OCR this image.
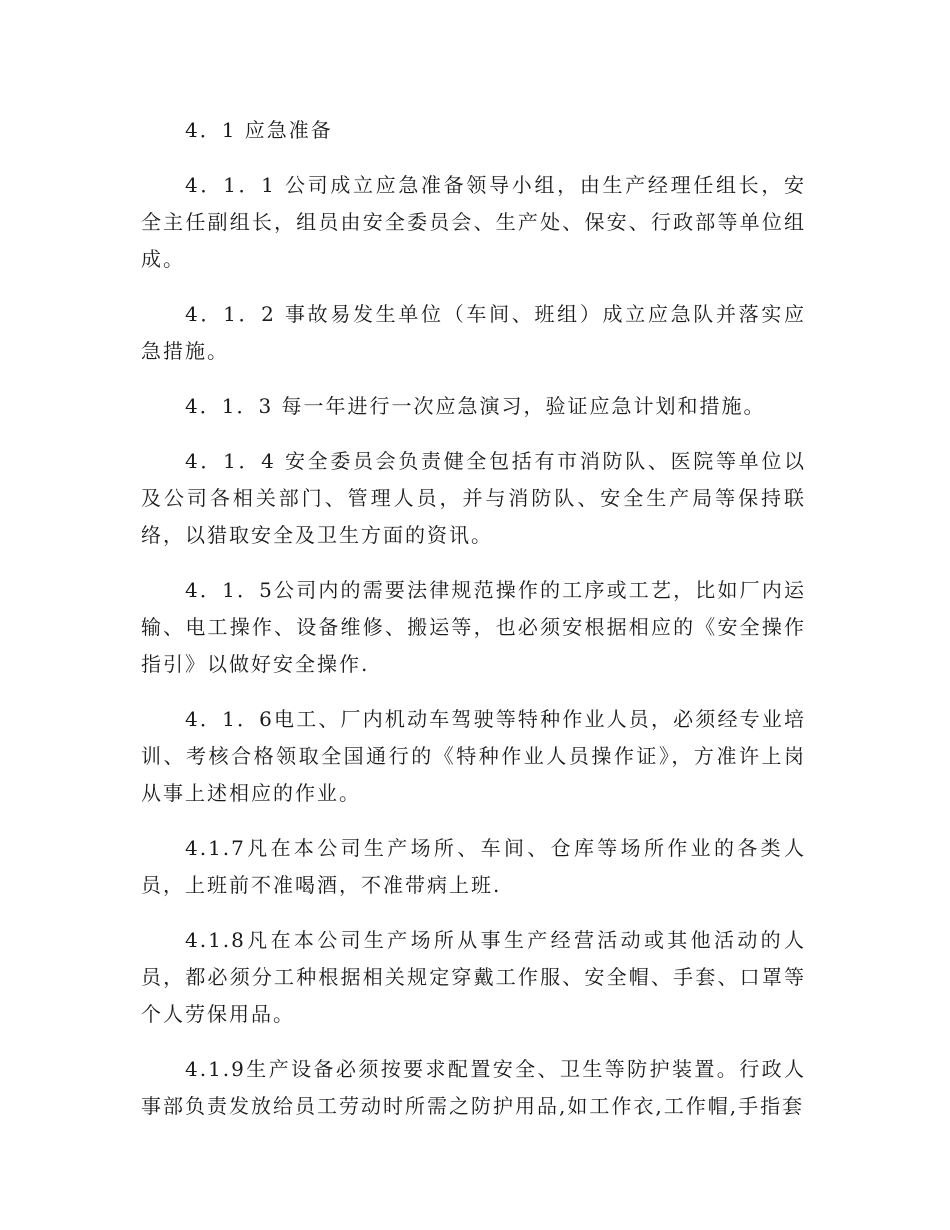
4．1 应急准备

4．1．1 公司成立应急准备领导小组，由生产经理任组长，安全主任副组长，组员由安全委员会、生产处、保安、行政部等单位组成。

4．1．2 事故易发生单位（车间、班组）成立应急队并落实应急措施。

4．1．3 每一年进行一次应急演习，验证应急计划和措施。

4．1．4 安全委员会负责健全包括有市消防队、医院等单位以及公司各相关部门、管理人员，并与消防队、安全生产局等保持联络，以猎取安全及卫生方面的资讯。

4．1．5公司内的需要法律规范操作的工序或工艺，比如厂内运输、电工操作、设备维修、搬运等，也必须安根据相应的《安全操作指引》以做好安全操作.

4．1．6电工、厂内机动车驾驶等特种作业人员，必须经专业培训、考核合格领取全国通行的《特种作业人员操作证》，方准许上岗从事上述相应的作业。

4.1.7凡在本公司生产场所、车间、仓库等场所作业的各类人员，上班前不准喝酒，不准带病上班.

4.1.8凡在本公司生产场所从事生产经营活动或其他活动的人员，都必须分工种根据相关规定穿戴工作服、安全帽、手套、口罩等个人劳保用品。

4.1.9生产设备必须按要求配置安全、卫生等防护装置。行政人事部负责发放给员工劳动时所需之防护用品,如工作衣,工作帽,手指套
